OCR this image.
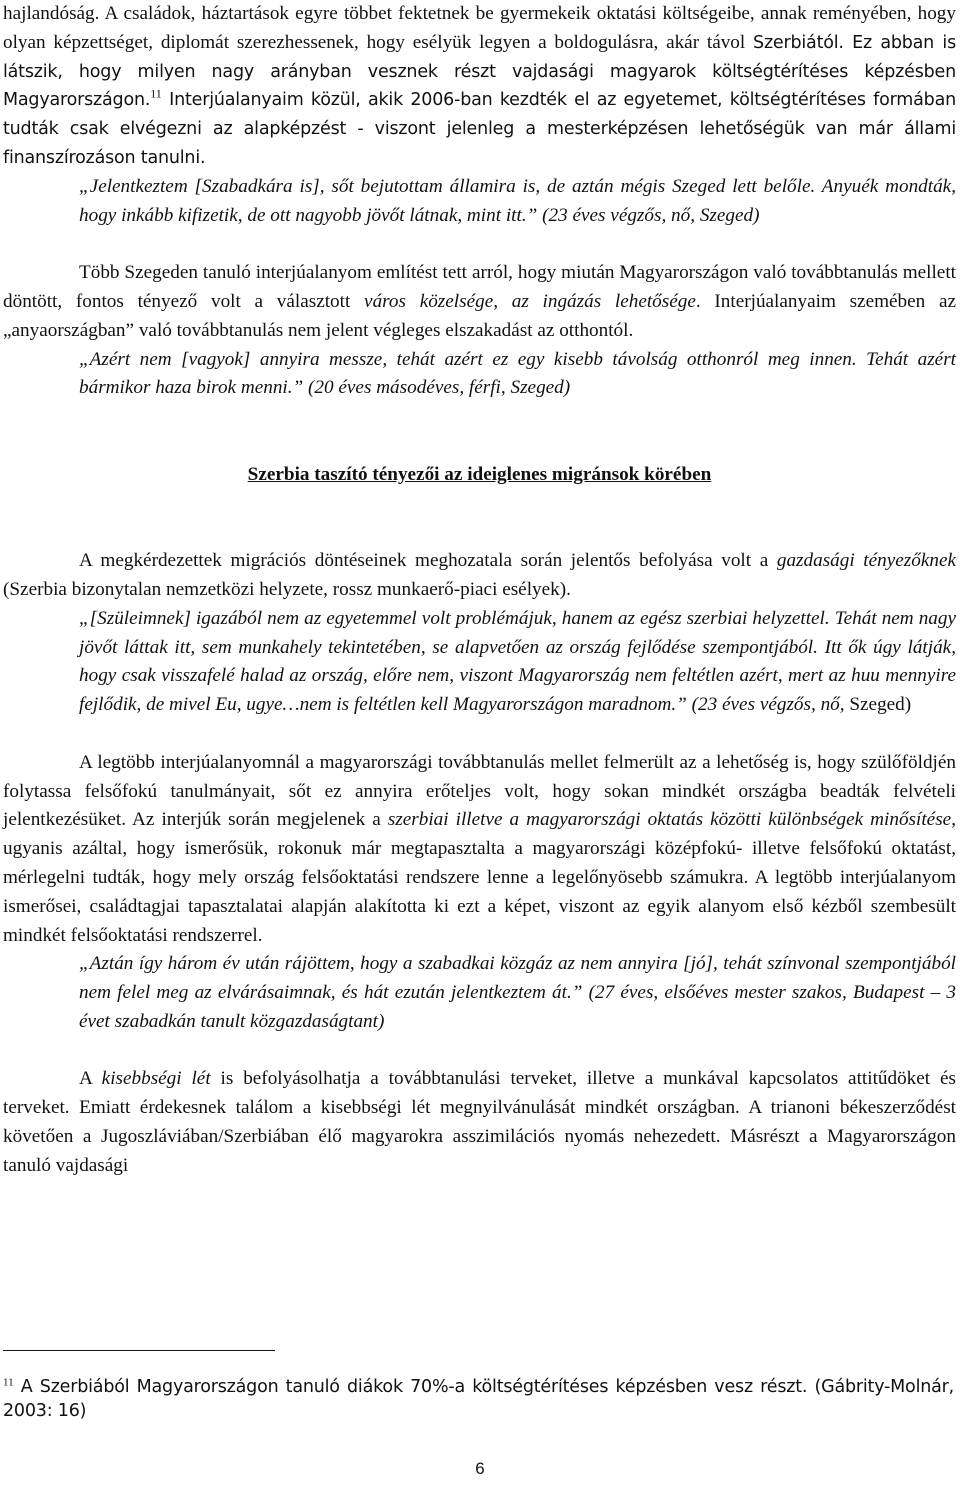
hajlandóság. A családok, háztartások egyre többet fektetnek be gyermekeik oktatási költségeibe, annak reményében, hogy olyan képzettséget, diplomát szerezhessenek, hogy esélyük legyen a boldogulásra, akár távol Szerbiától. Ez abban is látszik, hogy milyen nagy arányban vesznek részt vajdasági magyarok költségtérítéses képzésben Magyarországon.$^{11}$ Interjúalanyaim közül, akik 2006-ban kezdték el az egyetemet, költségtérítéses formában tudták csak elvégezni az alapképzést - viszont jelenleg a mesterképzésen lehetőségük van már állami finanszírozáson tanulni.

„Jelentkeztem [Szabadkára is], sőt bejutottam államira is, de aztán mégis Szeged lett belőle. Anyuék mondták, hogy inkább kifizetik, de ott nagyobb jövőt látnak, mint itt.” (23 éves végzős, nő, Szeged)

Több Szegeden tanuló interjúalanyom említést tett arról, hogy miután Magyarországon való továbbtanulás mellett döntött, fontos tényező volt a választott város közelsége, az ingázás lehetősége. Interjúalanyaim szemében az „anyaországban” való továbbtanulás nem jelent végleges elszakadást az otthontól.

„Azért nem [vagyok] annyira messze, tehát azért ez egy kisebb távolság otthonról meg innen. Tehát azért bármikor haza birok menni.” (20 éves másodéves, férfi, Szeged)

Szerbia taszító tényezői az ideiglenes migránsok körében

A megkérdezettek migrációs döntéseinek meghozatala során jelentős befolyása volt a gazdasági tényezőknek (Szerbia bizonytalan nemzetközi helyzete, rossz munkaerő-piaci esélyek).

„[Szüleimnek] igazából nem az egyetemmel volt problémájuk, hanem az egész szerbiai helyzettel. Tehát nem nagy jövőt láttak itt, sem munkahely tekintetében, se alapvetően az ország fejlődése szempontjából. Itt ők úgy látják, hogy csak visszafelé halad az ország, előre nem, viszont Magyarország nem feltétlen azért, mert az huu mennyire fejlődik, de mivel Eu, ugye…nem is feltétlen kell Magyarországon maradnom.” (23 éves végzős, nő, Szeged)

A legtöbb interjúalanyomnál a magyarországi továbbtanulás mellet felmerült az a lehetőség is, hogy szülőföldjén folytassa felsőfokú tanulmányait, sőt ez annyira erőteljes volt, hogy sokan mindkét országba beadták felvételi jelentkezésüket. Az interjúk során megjelenek a szerbiai illetve a magyarországi oktatás közötti különbségek minősítése, ugyanis azáltal, hogy ismerősük, rokonuk már megtapasztalta a magyarországi középfokú- illetve felsőfokú oktatást, mérlegelni tudták, hogy mely ország felsőoktatási rendszere lenne a legelőnyösebb számukra. A legtöbb interjúalanyom ismerősei, családtagjai tapasztalatai alapján alakította ki ezt a képet, viszont az egyik alanyom első kézből szembesült mindkét felsőoktatási rendszerrel.

„Aztán így három év után rájöttem, hogy a szabadkai közgáz az nem annyira [jó], tehát színvonal szempontjából nem felel meg az elvárásaimnak, és hát ezután jelentkeztem át.” (27 éves, elsőéves mester szakos, Budapest – 3 évet szabadkán tanult közgazdaságtant)

A kisebbségi lét is befolyásolhatja a továbbtanulási terveket, illetve a munkával kapcsolatos attitűdöket és terveket. Emiatt érdekesnek találom a kisebbségi lét megnyilvánulását mindkét országban. A trianoni békeszerződést követően a Jugoszláviában/Szerbiában élő magyarokra asszimilációs nyomás nehezedett. Másrészt a Magyarországon tanuló vajdasági

$^{11}$ A Szerbiából Magyarországon tanuló diákok 70%-a költségtérítéses képzésben vesz részt. (Gábrity-Molnár, 2003: 16)

6
